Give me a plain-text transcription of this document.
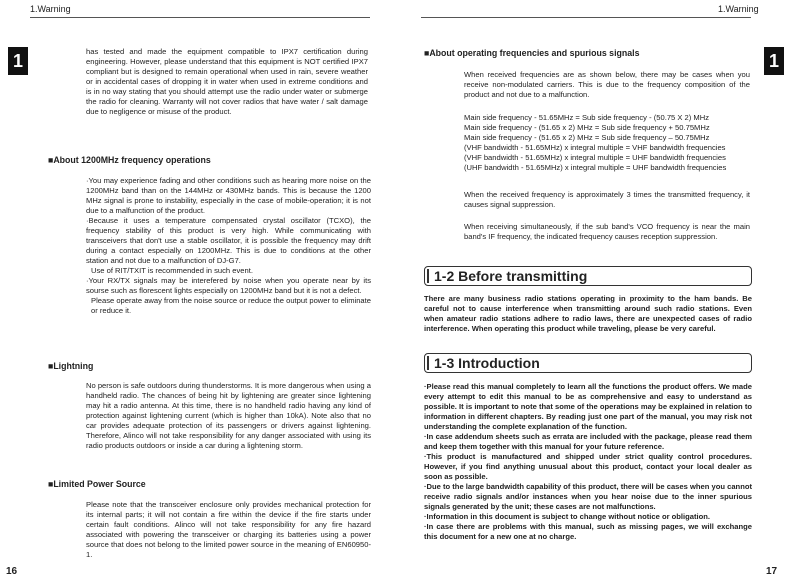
1.Warning
1	has tested and made the equipment compatible to IPX7 certification during engineering. However, please understand that this equipment is NOT certified IPX7 compliant but is designed to remain operational when used in rain, severe weather or in accidental cases of dropping it in water when used in extreme conditions and is in no way stating that you should attempt use the radio under water or submerge the radio for cleaning. Warranty will not cover radios that have water / salt damage due to negligence or misuse of the product.

■About 1200MHz frequency operations

·You may experience fading and other conditions such as hearing more noise on the 1200MHz band than on the 144MHz or 430MHz bands. This is because the 1200 MHz signal is prone to instability, especially in the case of mobile-operation; it is not due to a malfunction of the product.

·Because it uses a temperature compensated crystal oscillator (TCXO), the frequency stability of this product is very high. While communicating with transceivers that don't use a stable oscillator, it is possible the frequency may drift during a contact especially on 1200MHz. This is due to conditions at the other station and not due to a malfunction of DJ-G7.

Use of RIT/TXIT is recommended in such event.

·Your RX/TX signals may be interefered by noise when you operate near by its sourse such as florescent lights especially on 1200MHz band but it is not a defect.

Please operate away from the noise source or reduce the output power to eliminate or reduce it.

■Lightning

No person is safe outdoors during thunderstorms. It is more dangerous when using a handheld radio. The chances of being hit by lightening are greater since lightening may hit a radio antenna. At this time, there is no handheld radio having any kind of protection against lightening current (which is higher than 10kA). Note also that no car provides adequate protection of its passengers or drivers against lightening. Therefore, Alinco will not take responsibility for any danger associated with using its radio products outdoors or inside a car during a lightening storm.

■Limited Power Source

Please note that the transceiver enclosure only provides mechanical protection for its internal parts; it will not contain a fire within the device if the fire starts under certain fault conditions. Alinco will not take responsibility for any fire hazard associated with powering the transceiver or charging its batteries using a power source that does not belong to the limited power source in the meaning of EN60950-1.

16
1.Warning
1
■About operating frequencies and spurious signals

When received frequencies are as shown below, there may be cases when you receive non-modulated carriers. This is due to the frequency composition of the product and not due to a malfunction.

Main side frequency - 51.65MHz = Sub side frequency - (50.75 X 2) MHz
Main side frequency - (51.65 x 2) MHz = Sub side frequency + 50.75MHz
Main side frequency - (51.65 x 2) MHz = Sub side frequency – 50.75MHz
(VHF bandwidth - 51.65MHz) x integral multiple = VHF bandwidth frequencies
(VHF bandwidth - 51.65MHz) x integral multiple = UHF bandwidth frequencies
(UHF bandwidth - 51.65MHz) x integral multiple = UHF bandwidth frequencies

When the received frequency is approximately 3 times the transmitted frequency, it causes signal suppression.

When receiving simultaneously, if the sub band's VCO frequency is near the main band's IF frequency, the indicated frequency causes reception suppression.

1-2 Before transmitting

There are many business radio stations operating in proximity to the ham bands. Be careful not to cause interference when transmitting around such radio stations. Even when amateur radio stations adhere to radio laws, there are unexpected cases of radio interference. When operating this product while traveling, please be very careful.

1-3 Introduction

·Please read this manual completely to learn all the functions the product offers. We made every attempt to edit this manual to be as comprehensive and easy to understand as possible. It is important to note that some of the operations may be explained in relation to information in different chapters. By reading just one part of the manual, you may risk not understanding the complete explanation of the function.

·In case addendum sheets such as errata are included with the package, please read them and keep them together with this manual for your future reference.

·This product is manufactured and shipped under strict quality control procedures. However, if you find anything unusual about this product, contact your local dealer as soon as possible.

·Due to the large bandwidth capability of this product, there will be cases when you cannot receive radio signals and/or instances when you hear noise due to the inner spurious signals generated by the unit; these cases are not malfunctions.

·Information in this document is subject to change without notice or obligation.

·In case there are problems with this manual, such as missing pages, we will exchange this document for a new one at no charge.

17
